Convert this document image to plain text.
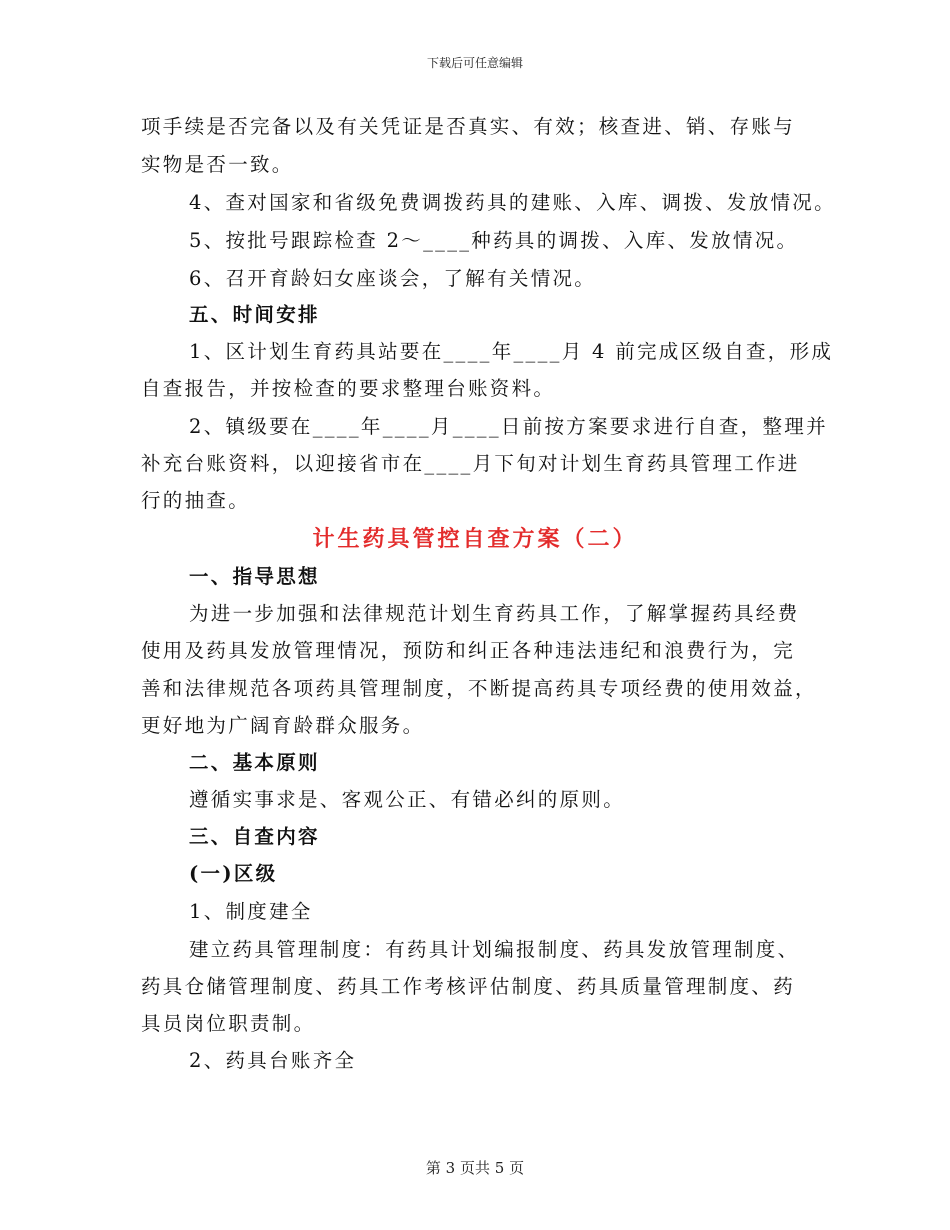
下载后可任意编辑
项手续是否完备以及有关凭证是否真实、有效；核查进、销、存账与
实物是否一致。
4、查对国家和省级免费调拨药具的建账、入库、调拨、发放情况。
5、按批号跟踪检查 2～____种药具的调拨、入库、发放情况。
6、召开育龄妇女座谈会，了解有关情况。
五、时间安排
1、区计划生育药具站要在____年____月 4 前完成区级自查，形成
自查报告，并按检查的要求整理台账资料。
2、镇级要在____年____月____日前按方案要求进行自查，整理并
补充台账资料，以迎接省市在____月下旬对计划生育药具管理工作进
行的抽查。
计生药具管控自查方案（二）
一、指导思想
为进一步加强和法律规范计划生育药具工作，了解掌握药具经费
使用及药具发放管理情况，预防和纠正各种违法违纪和浪费行为，完
善和法律规范各项药具管理制度，不断提高药具专项经费的使用效益，
更好地为广阔育龄群众服务。
二、基本原则
遵循实事求是、客观公正、有错必纠的原则。
三、自查内容
(一)区级
1、制度建全
建立药具管理制度：有药具计划编报制度、药具发放管理制度、
药具仓储管理制度、药具工作考核评估制度、药具质量管理制度、药
具员岗位职责制。
2、药具台账齐全
第 3 页共 5 页
